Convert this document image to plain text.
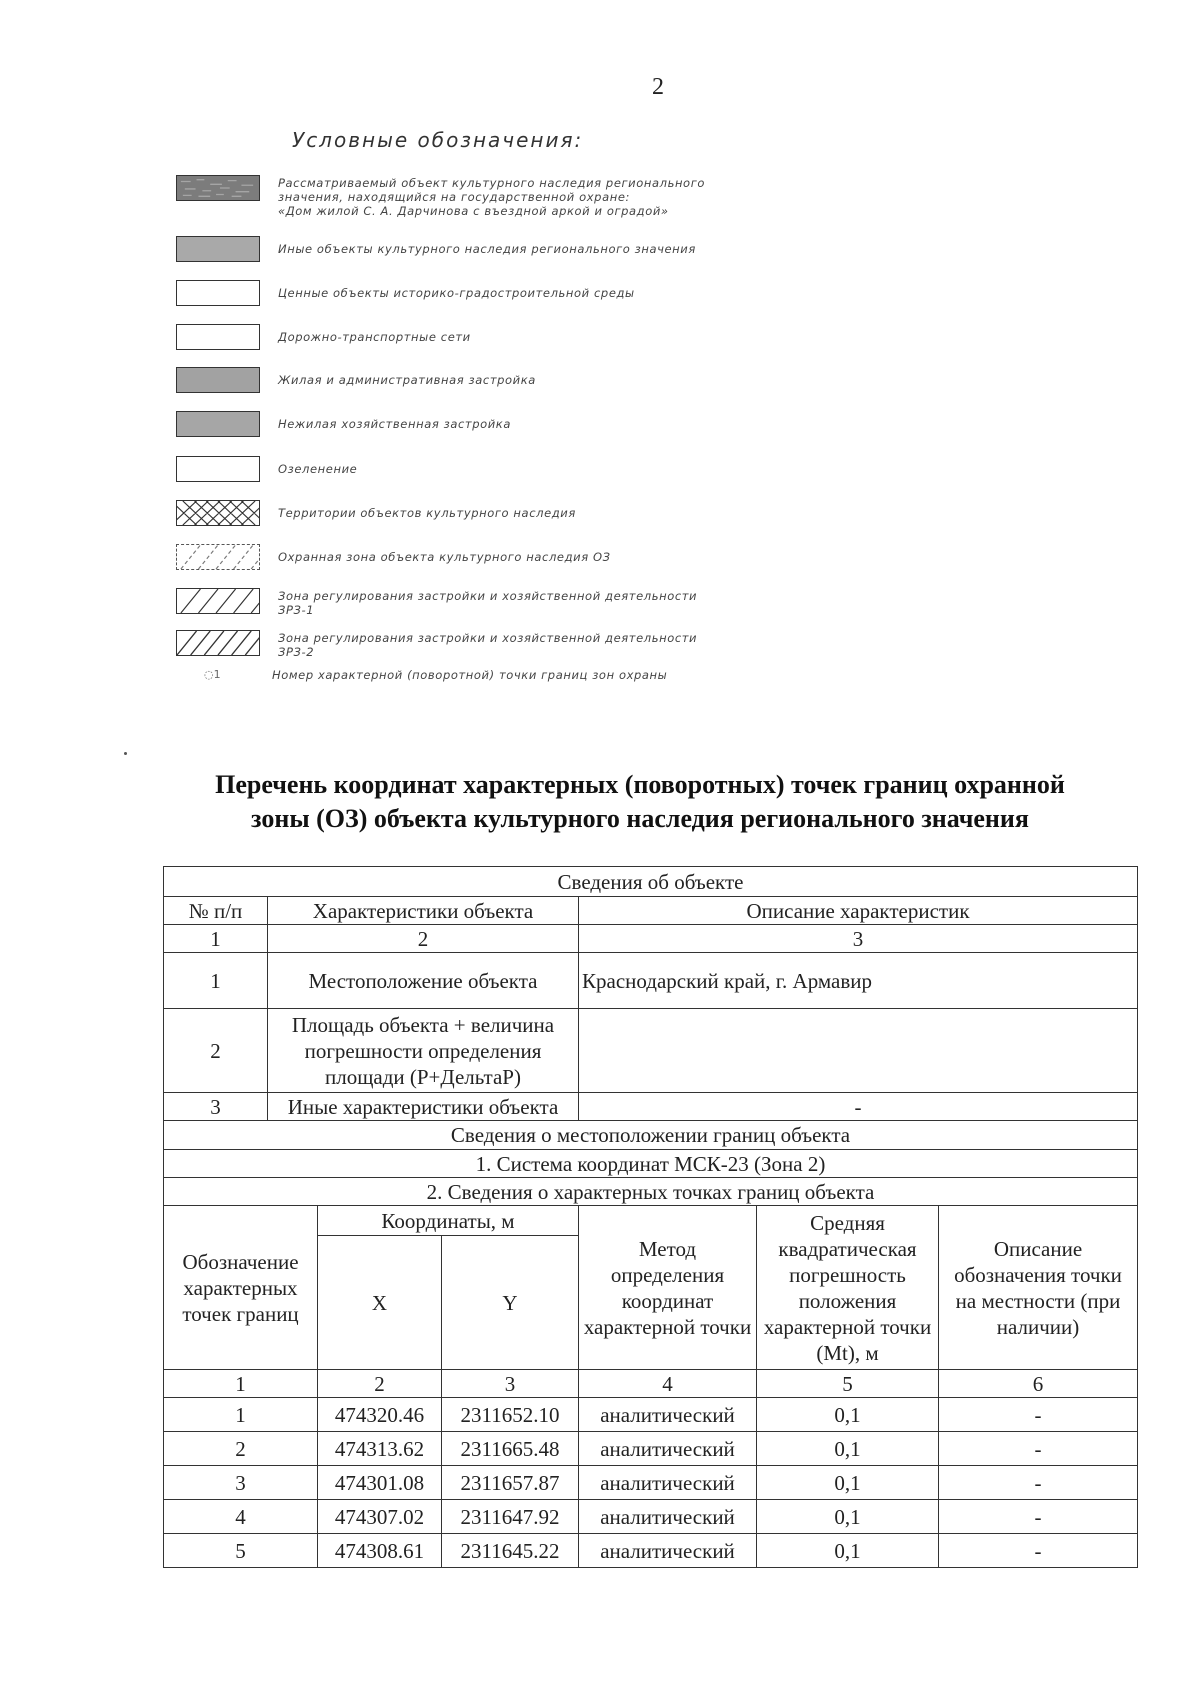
2
Условные обозначения:
Рассматриваемый объект культурного наследия регионального
значения, находящийся на государственной охране:
«Дом жилой С. А. Дарчинова с въездной аркой и оградой»
Иные объекты культурного наследия регионального значения
Ценные объекты историко-градостроительной среды
Дорожно-транспортные сети
Жилая и административная застройка
Нежилая хозяйственная застройка
Озеленение
Территории объектов культурного наследия
Охранная зона объекта культурного наследия ОЗ
Зона регулирования застройки и хозяйственной деятельности
ЗРЗ-1
Зона регулирования застройки и хозяйственной деятельности
ЗРЗ-2
◌1	Номер характерной (поворотной) точки границ зон охраны
Перечень координат характерных (поворотных) точек границ охранной
зоны (ОЗ) объекта культурного наследия регионального значения
Сведения об объекте						
№ п/п	Характеристики объекта			Описание характеристик		
1	2			3		
1	Местоположение объекта			Краснодарский край, г. Армавир		
2	Площадь объекта + величина погрешности определения площади (Р+ДельтаР)					
3	Иные характеристики объекта			-		
Сведения о местоположении границ объекта						
1. Система координат МСК-23 (Зона 2)						
2. Сведения о характерных точках границ объекта						
Обозначение характерных точек границ		Координаты, м		Метод определения координат характерной точки	Средняя квадратическая погрешность положения характерной точки (Mt), м	Описание обозначения точки на местности (при наличии)
		X	Y			
1		2	3	4	5	6
1		474320.46	2311652.10	аналитический	0,1	-
2		474313.62	2311665.48	аналитический	0,1	-
3		474301.08	2311657.87	аналитический	0,1	-
4		474307.02	2311647.92	аналитический	0,1	-
5		474308.61	2311645.22	аналитический	0,1	-
